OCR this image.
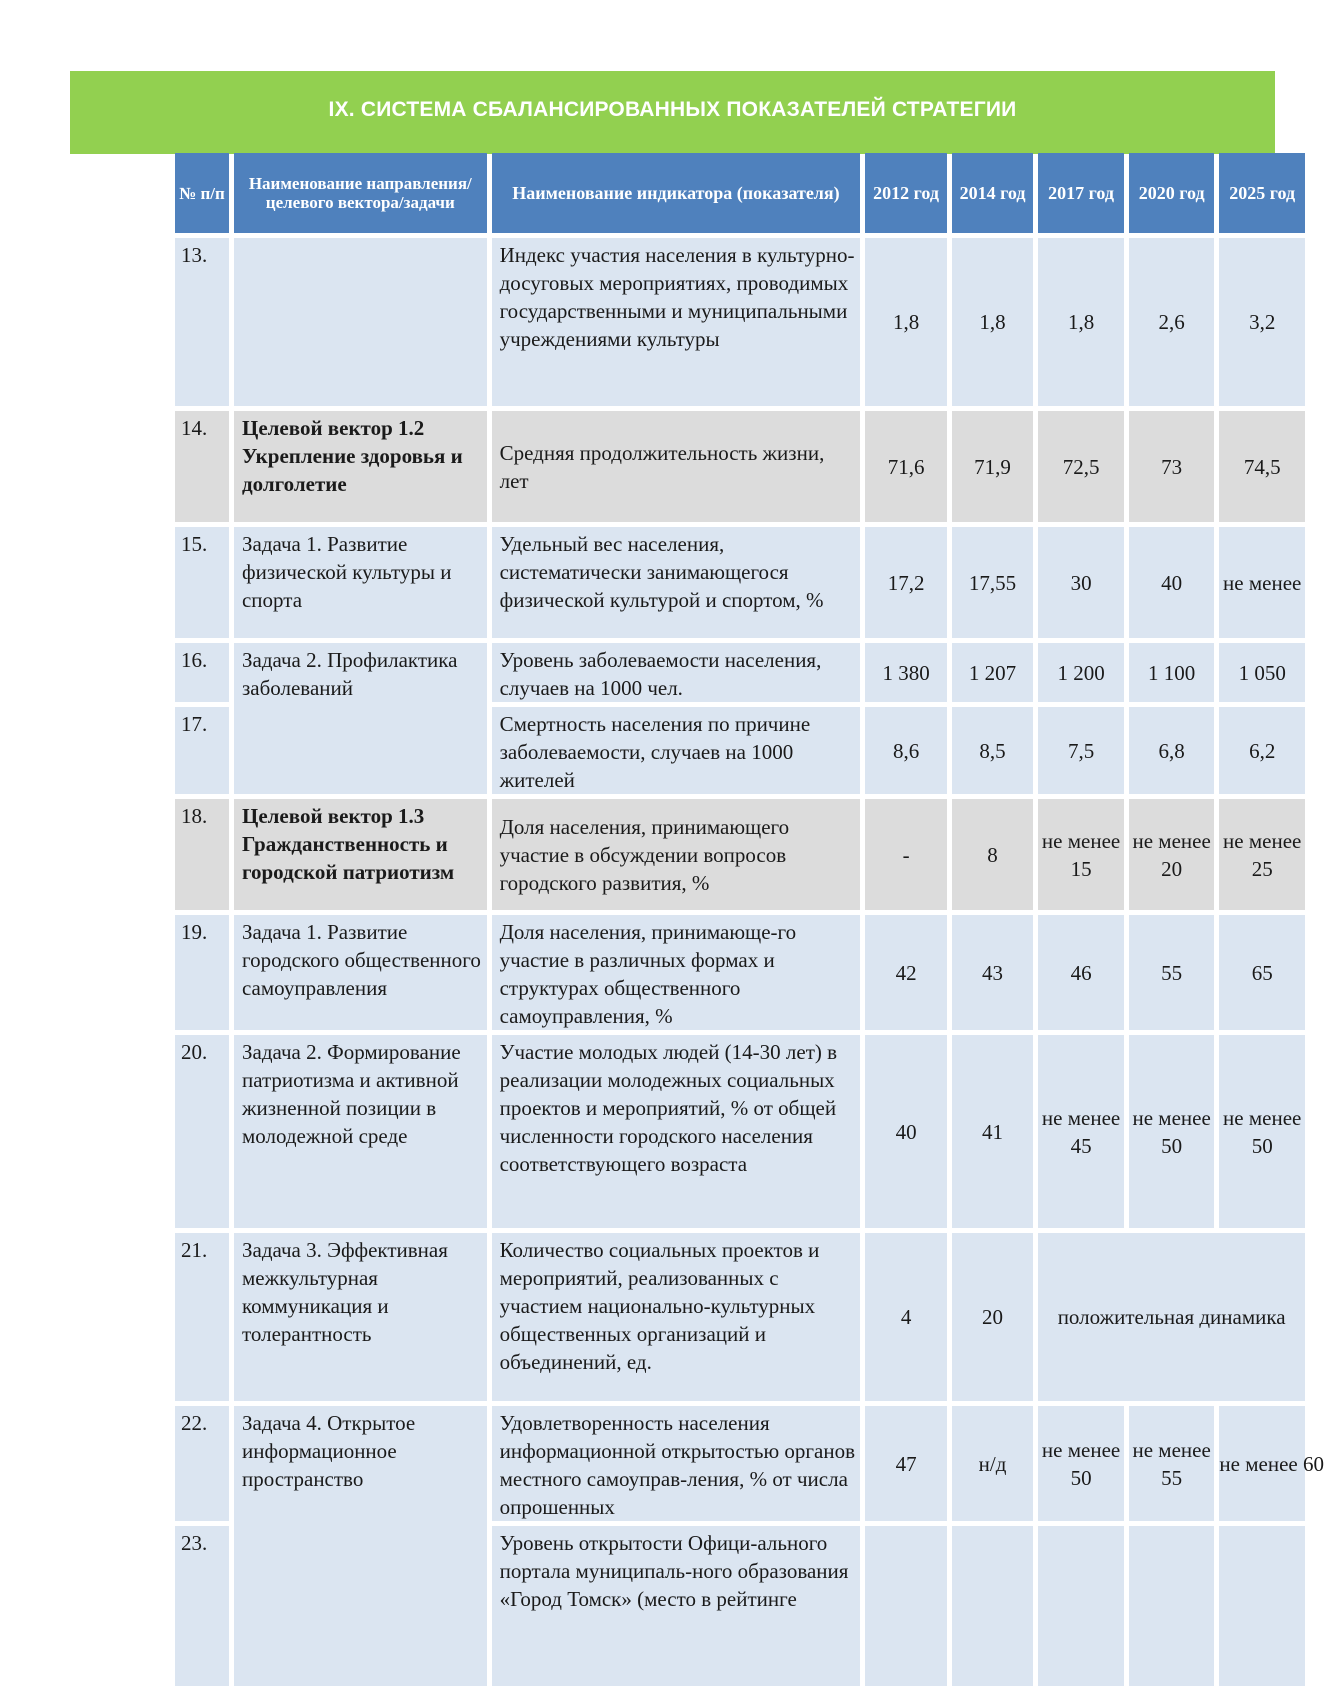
IX. СИСТЕМА СБАЛАНСИРОВАННЫХ ПОКАЗАТЕЛЕЙ СТРАТЕГИИ
№ п/п	Наименование направления/целевого вектора/задачи	Наименование индикатора (показателя)	2012 год	2014 год	2017 год	2020 год	2025 год
13.		Индекс участия населения в культурно-досуговых мероприятиях, проводимых государственными и муниципальными учреждениями культуры	1,8	1,8	1,8	2,6	3,2
14.	Целевой вектор 1.2 Укрепление здоровья и долголетие	Средняя продолжительность жизни, лет	71,6	71,9	72,5	73	74,5
15.	Задача 1. Развитие физической культуры и спорта	Удельный вес населения, систематически занимающегося физической культурой и спортом, %	17,2	17,55	30	40	не менее
16.	Задача 2. Профилактика заболеваний	Уровень заболеваемости населения, случаев на 1000 чел.	1 380	1 207	1 200	1 100	1 050
17.		Смертность населения по причине заболеваемости, случаев на 1000 жителей	8,6	8,5	7,5	6,8	6,2
18.	Целевой вектор 1.3 Гражданственность и городской патриотизм	Доля населения, принимающего участие в обсуждении вопросов городского развития, %	-	8	не менее 15	не менее 20	не менее 25
19.	Задача 1. Развитие городского общественного самоуправления	Доля населения, принимающе-го участие в различных формах и структурах общественного самоуправления, %	42	43	46	55	65
20.	Задача 2. Формирование патриотизма и активной жизненной позиции в молодежной среде	Участие молодых людей (14-30 лет) в реализации молодежных социальных проектов и мероприятий, % от общей численности городского населения соответствующего возраста	40	41	не менее 45	не менее 50	не менее 50
21.	Задача 3. Эффективная межкультурная коммуникация и толерантность	Количество социальных проектов и мероприятий, реализованных с участием национально-культурных общественных организаций и объединений, ед.	4	20	положительная динамика		
22.	Задача 4. Открытое информационное пространство	Удовлетворенность населения информационной открытостью органов местного самоуправ-ления, % от числа опрошенных	47	н/д	не менее 50	не менее 55	не менее 60
23.		Уровень открытости Офици-ального портала муниципаль-ного образования «Город Томск» (место в рейтинге					
